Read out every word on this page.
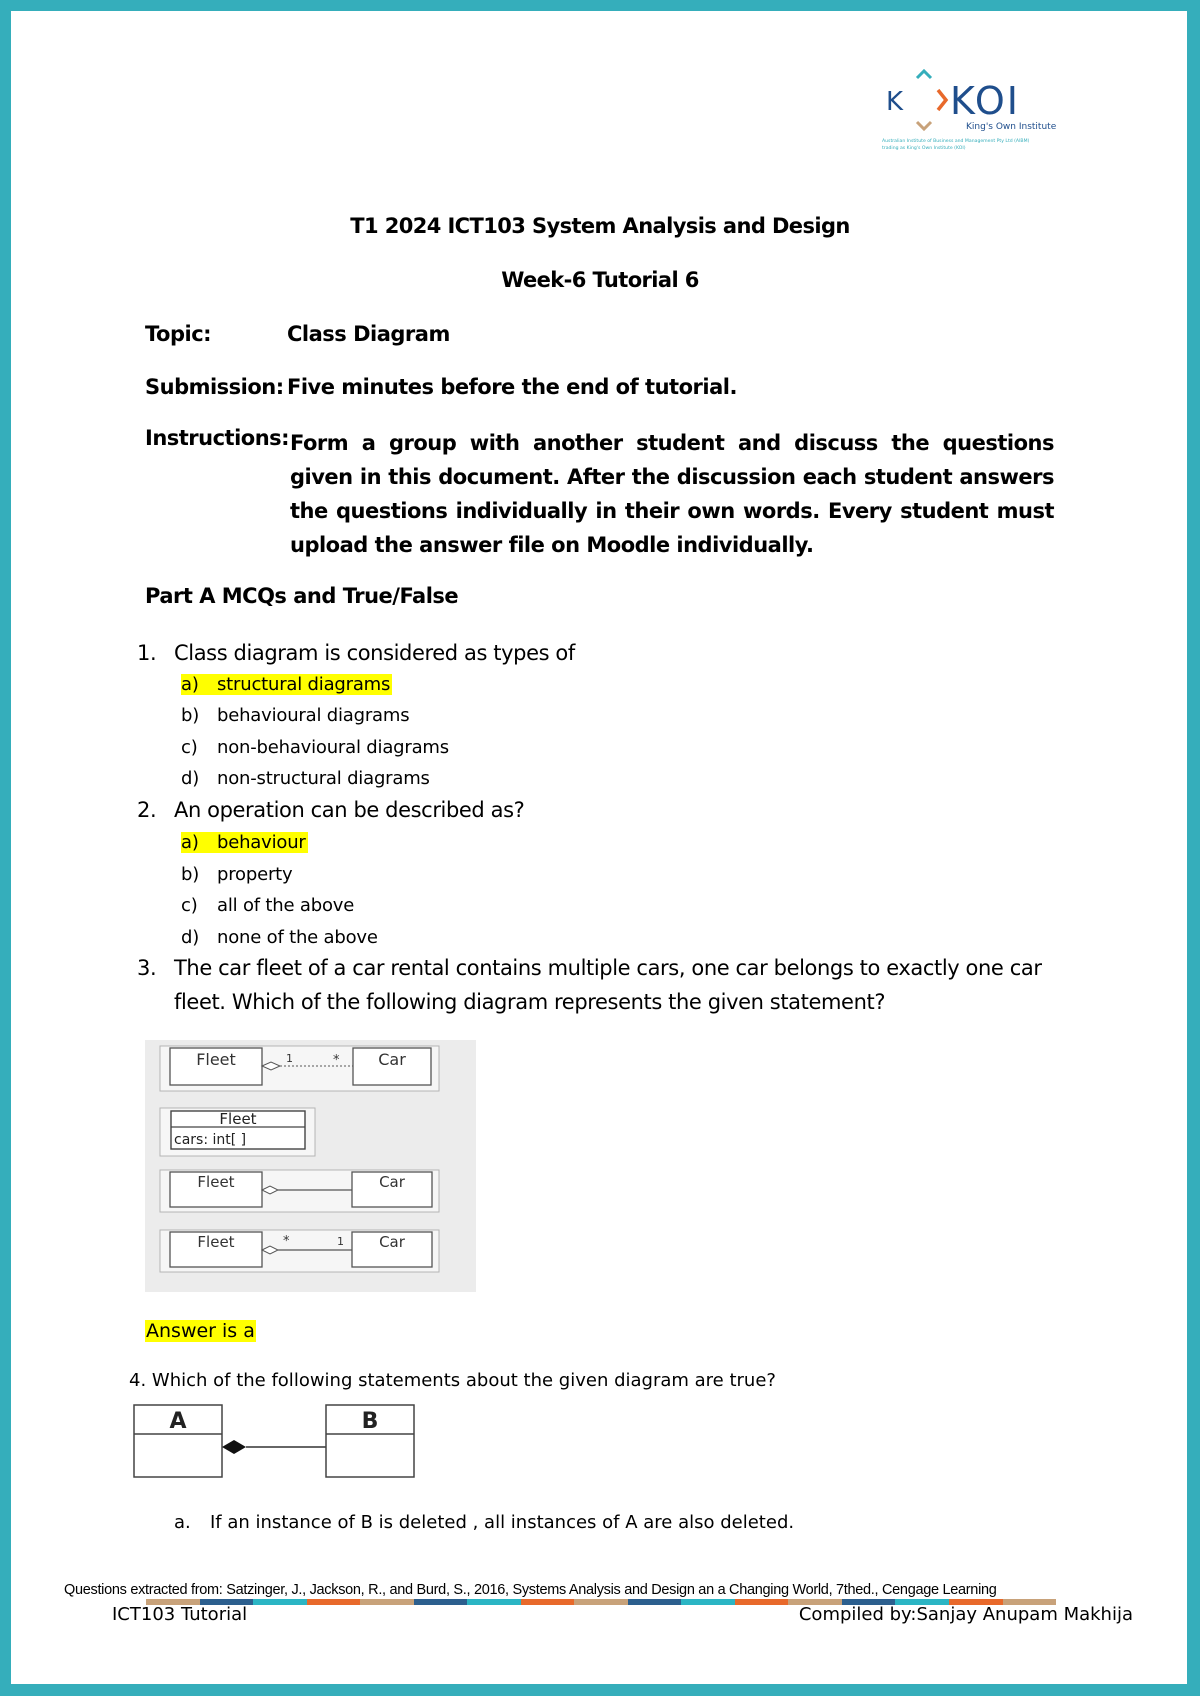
K KOI
King's Own Institute
Australian Institute of Business and Management Pty Ltd (AIBM)
trading as King's Own Institute (KOI)
T1 2024 ICT103 System Analysis and Design
Week-6 Tutorial 6
Topic:	Class Diagram
Submission: Five minutes before the end of tutorial.
Instructions: Form a group with another student and discuss the questions given in this document. After the discussion each student answers the questions individually in their own words. Every student must upload the answer file on Moodle individually.
Part A MCQs and True/False
1. Class diagram is considered as types of
a) structural diagrams
b) behavioural diagrams
c) non-behavioural diagrams
d) non-structural diagrams
2. An operation can be described as?
a) behaviour
b) property
c) all of the above
d) none of the above
3. The car fleet of a car rental contains multiple cars, one car belongs to exactly one car
fleet. Which of the following diagram represents the given statement?
Fleet	1	* Car
Fleet
cars: int[ ]
Fleet	Car
Fleet	*	1 Car
Answer is a
4. Which of the following statements about the given diagram are true?
A	B
a. If an instance of B is deleted , all instances of A are also deleted.
Questions extracted from: Satzinger, J., Jackson, R., and Burd, S., 2016, Systems Analysis and Design an a Changing World, 7thed., Cengage Learning
ICT103 Tutorial	Compiled by:Sanjay Anupam Makhija
